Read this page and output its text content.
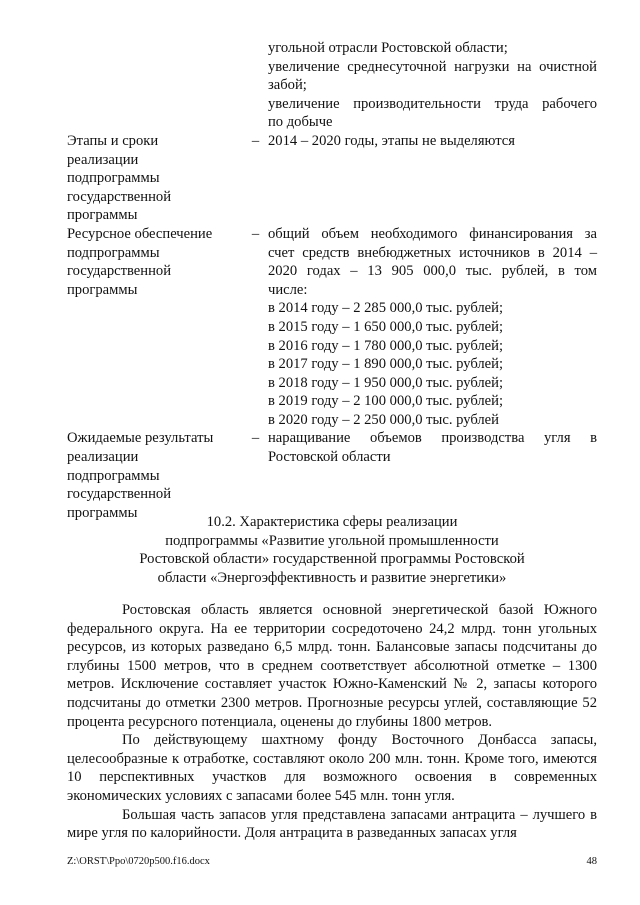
угольной отрасли Ростовской области;
увеличение среднесуточной нагрузки на очистной
забой;
увеличение производительности труда рабочего
по добыче
Этапы и сроки
реализации
подпрограммы
государственной
программы
– 2014 – 2020 годы, этапы не выделяются
Ресурсное обеспечение
подпрограммы
государственной
программы
– общий объем необходимого финансирования за
счет средств внебюджетных источников в 2014 –
2020 годах – 13 905 000,0 тыс. рублей, в том
числе:
в 2014 году – 2 285 000,0 тыс. рублей;
в 2015 году – 1 650 000,0 тыс. рублей;
в 2016 году – 1 780 000,0 тыс. рублей;
в 2017 году – 1 890 000,0 тыс. рублей;
в 2018 году – 1 950 000,0 тыс. рублей;
в 2019 году – 2 100 000,0 тыс. рублей;
в 2020 году – 2 250 000,0 тыс. рублей
Ожидаемые результаты
реализации
подпрограммы
государственной
программы
– наращивание объемов производства угля в
Ростовской области
10.2. Характеристика сферы реализации
подпрограммы «Развитие угольной промышленности
Ростовской области» государственной программы Ростовской
области «Энергоэффективность и развитие энергетики»

Ростовская область является основной энергетической базой Южного федерального округа. На ее территории сосредоточено 24,2 млрд. тонн угольных ресурсов, из которых разведано 6,5 млрд. тонн. Балансовые запасы подсчитаны до глубины 1500 метров, что в среднем соответствует абсолютной отметке – 1300 метров. Исключение составляет участок Южно-Каменский № 2, запасы которого подсчитаны до отметки 2300 метров. Прогнозные ресурсы углей, составляющие 52 процента ресурсного потенциала, оценены до глубины 1800 метров.

По действующему шахтному фонду Восточного Донбасса запасы, целесообразные к отработке, составляют около 200 млн. тонн. Кроме того, имеются 10 перспективных участков для возможного освоения в современных экономических условиях с запасами более 545 млн. тонн угля.

Большая часть запасов угля представлена запасами антрацита – лучшего в мире угля по калорийности. Доля антрацита в разведанных запасах угля

Z:\ORST\Ppo\0720p500.f16.docx	48
